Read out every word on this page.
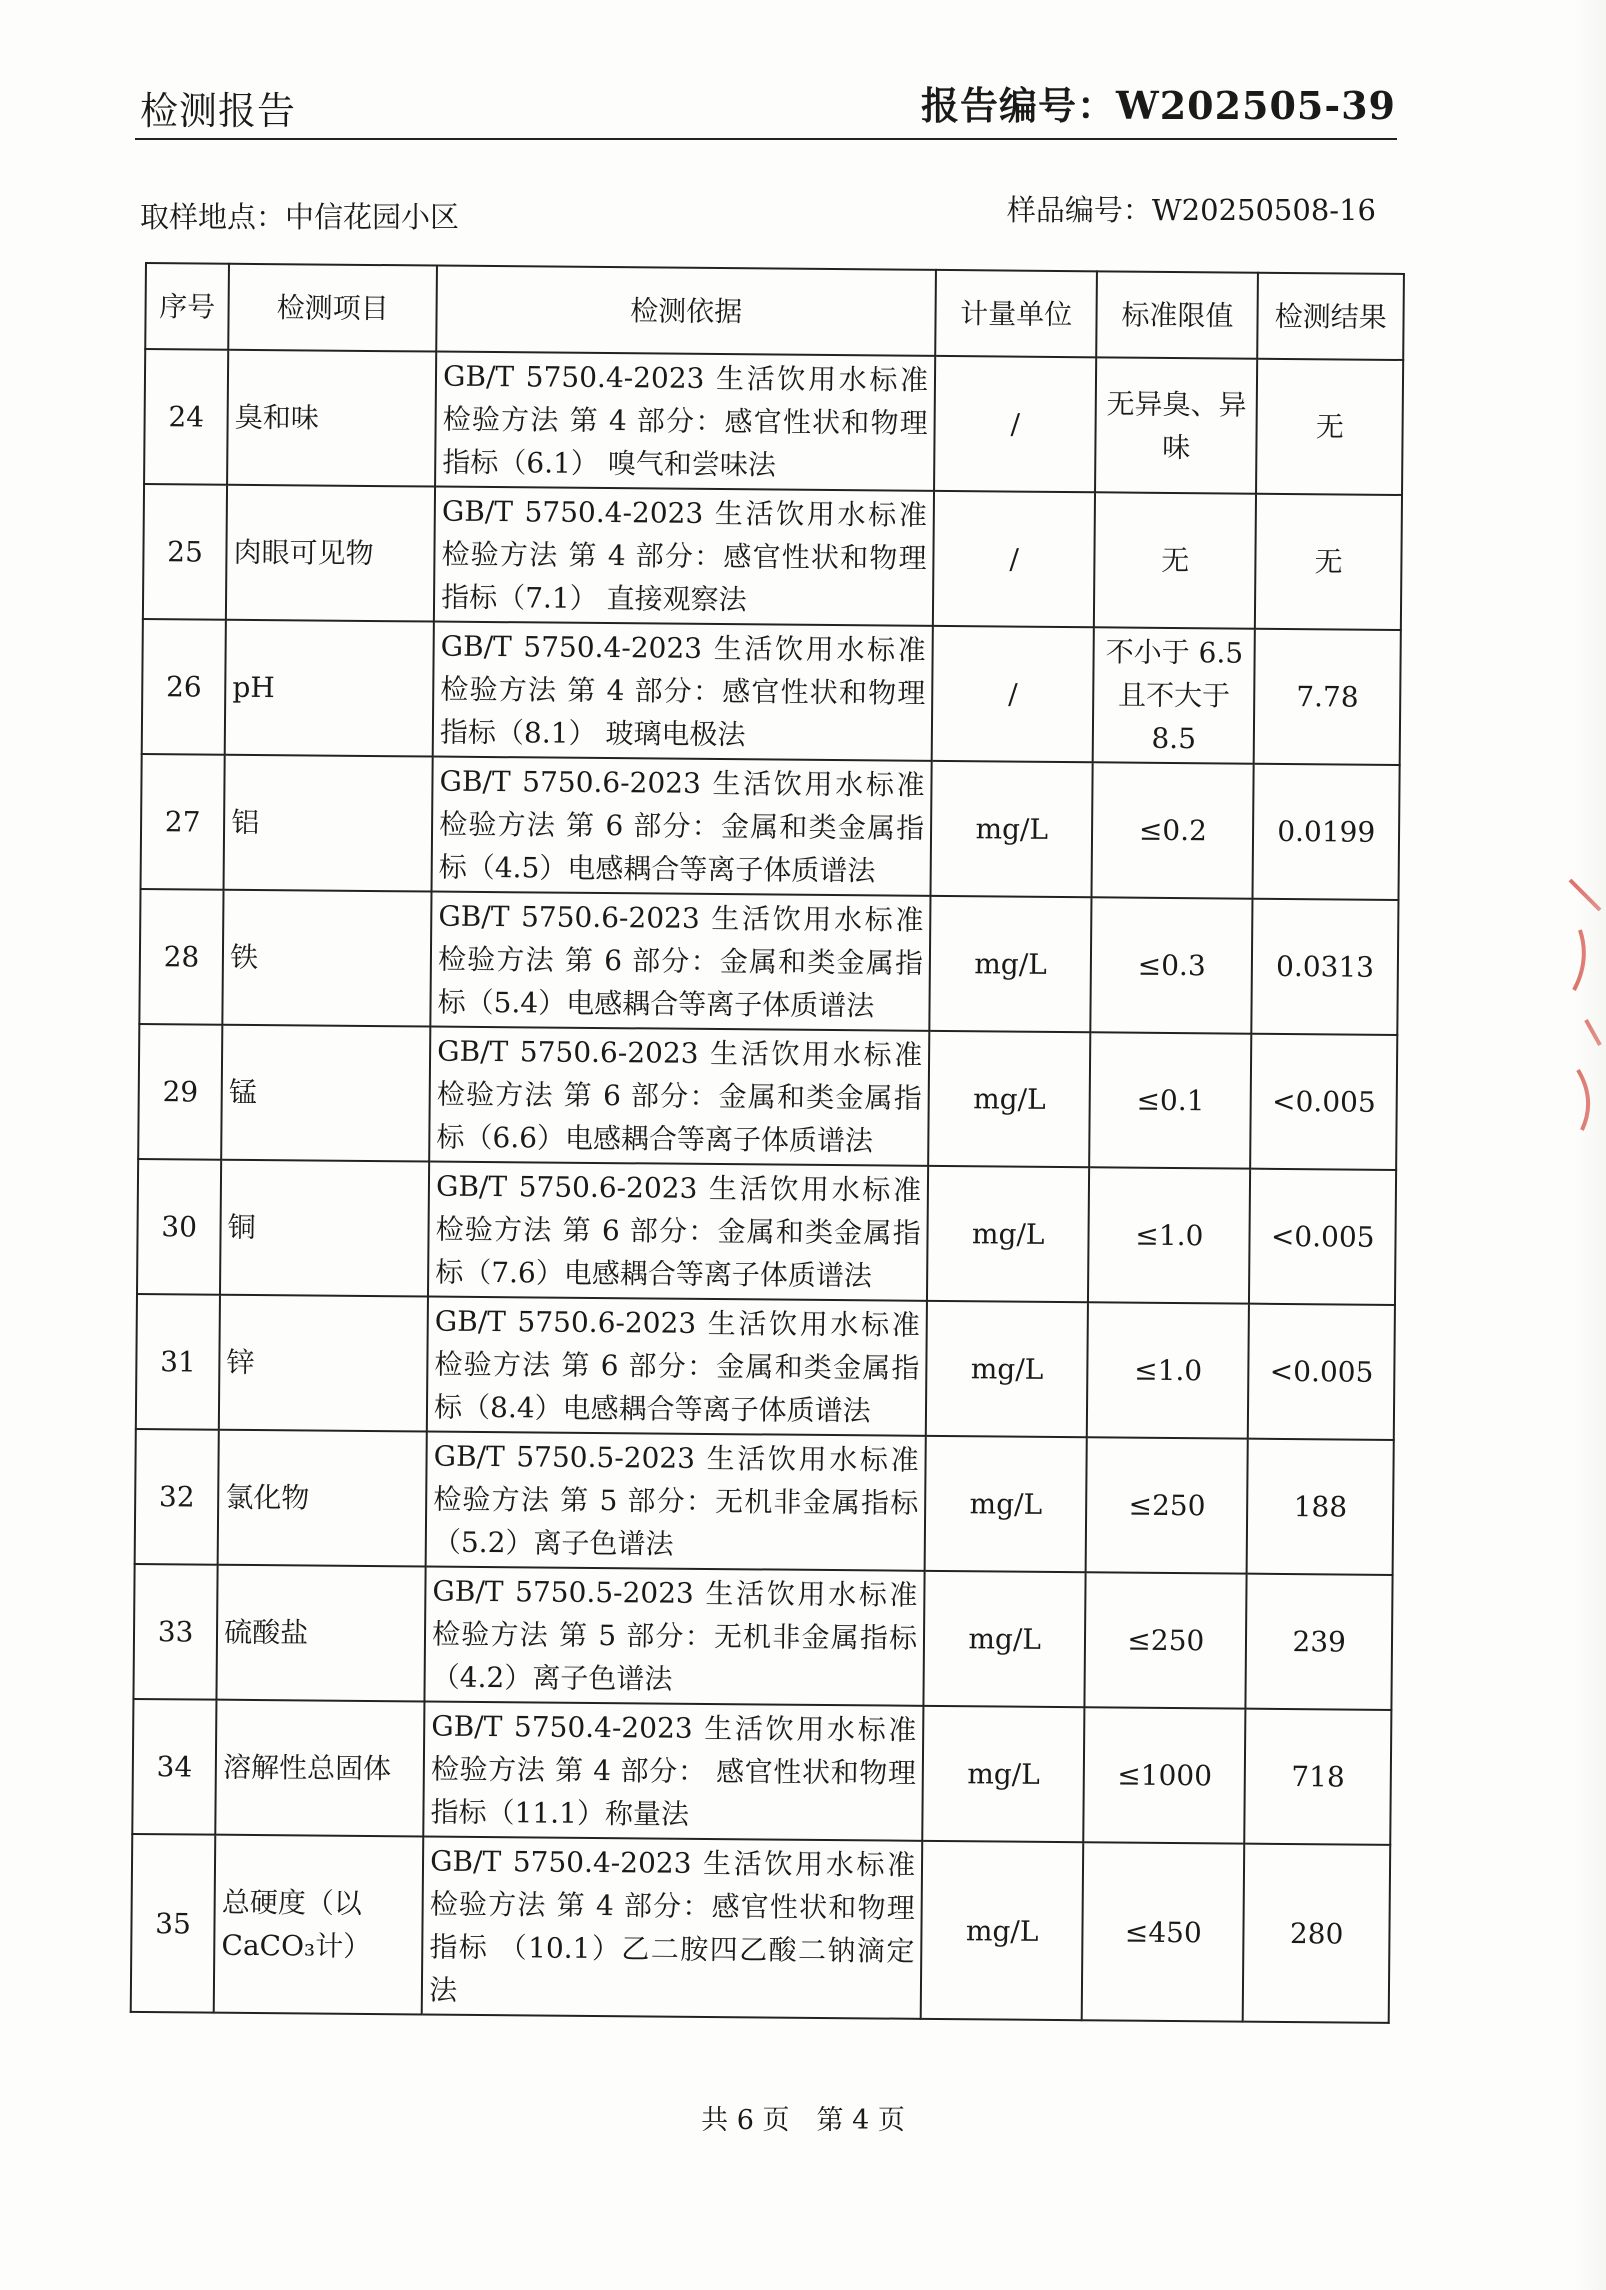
检测报告	报告编号：W202505-39
取样地点：中信花园小区	样品编号：W20250508-16
序号	检测项目	检测依据	计量单位	标准限值	检测结果
24	臭和味	GB/T 5750.4-2023 生活饮用水标准检验方法 第 4 部分：感官性状和物理指标（6.1） 嗅气和尝味法	/	无异臭、异味	无
25	肉眼可见物	GB/T 5750.4-2023 生活饮用水标准检验方法 第 4 部分：感官性状和物理指标（7.1） 直接观察法	/	无	无
26	pH	GB/T 5750.4-2023 生活饮用水标准检验方法 第 4 部分：感官性状和物理指标（8.1） 玻璃电极法	/	不小于 6.5 且不大于 8.5	7.78
27	铝	GB/T 5750.6-2023 生活饮用水标准检验方法 第 6 部分：金属和类金属指标（4.5）电感耦合等离子体质谱法	mg/L	≤0.2	0.0199
28	铁	GB/T 5750.6-2023 生活饮用水标准检验方法 第 6 部分：金属和类金属指标（5.4）电感耦合等离子体质谱法	mg/L	≤0.3	0.0313
29	锰	GB/T 5750.6-2023 生活饮用水标准检验方法 第 6 部分：金属和类金属指标（6.6）电感耦合等离子体质谱法	mg/L	≤0.1	<0.005
30	铜	GB/T 5750.6-2023 生活饮用水标准检验方法 第 6 部分：金属和类金属指标（7.6）电感耦合等离子体质谱法	mg/L	≤1.0	<0.005
31	锌	GB/T 5750.6-2023 生活饮用水标准检验方法 第 6 部分：金属和类金属指标（8.4）电感耦合等离子体质谱法	mg/L	≤1.0	<0.005
32	氯化物	GB/T 5750.5-2023 生活饮用水标准检验方法 第 5 部分：无机非金属指标（5.2）离子色谱法	mg/L	≤250	188
33	硫酸盐	GB/T 5750.5-2023 生活饮用水标准检验方法 第 5 部分：无机非金属指标（4.2）离子色谱法	mg/L	≤250	239
34	溶解性总固体	GB/T 5750.4-2023 生活饮用水标准检验方法 第 4 部分： 感官性状和物理指标（11.1）称量法	mg/L	≤1000	718
35	总硬度（以CaCO₃计）	GB/T 5750.4-2023 生活饮用水标准检验方法 第 4 部分：感官性状和物理指标 （10.1）乙二胺四乙酸二钠滴定法	mg/L	≤450	280
共 6 页　第 4 页
